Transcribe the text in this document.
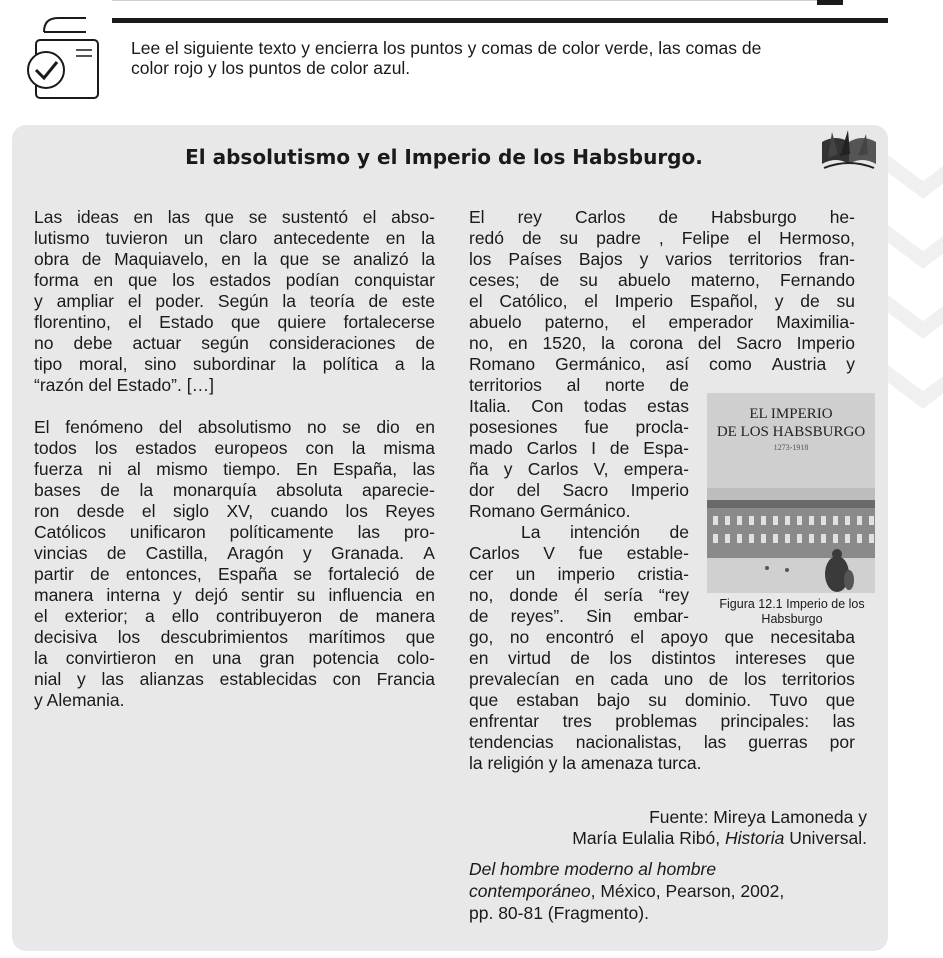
Lee el siguiente texto y encierra los puntos y comas de color verde, las comas de
color rojo y los puntos de color azul.
El absolutismo y el Imperio de los Habsburgo.
Las ideas en las que se sustentó el abso-
lutismo tuvieron un claro antecedente en la
obra de Maquiavelo, en la que se analizó la
forma en que los estados podían conquistar
y ampliar el poder. Según la teoría de este
florentino, el Estado que quiere fortalecerse
no debe actuar según consideraciones de
tipo moral, sino subordinar la política a la
“razón del Estado”. […]
El fenómeno del absolutismo no se dio en
todos los estados europeos con la misma
fuerza ni al mismo tiempo. En España, las
bases de la monarquía absoluta aparecie-
ron desde el siglo XV, cuando los Reyes
Católicos unificaron políticamente las pro-
vincias de Castilla, Aragón y Granada. A
partir de entonces, España se fortaleció de
manera interna y dejó sentir su influencia en
el exterior; a ello contribuyeron de manera
decisiva los descubrimientos marítimos que
la convirtieron en una gran potencia colo-
nial y las alianzas establecidas con Francia
y Alemania.
El rey Carlos de Habsburgo he-
redó de su padre , Felipe el Hermoso,
los Países Bajos y varios territorios fran-
ceses; de su abuelo materno, Fernando
el Católico, el Imperio Español, y de su
abuelo paterno, el emperador Maximilia-
no, en 1520, la corona del Sacro Imperio
Romano Germánico, así como Austria y
territorios al norte de
Italia. Con todas estas
posesiones fue procla-
mado Carlos I de Espa-
ña y Carlos V, empera-
dor del Sacro Imperio
Romano Germánico.
La intención de
Carlos V fue estable-
cer un imperio cristia-
no, donde él sería “rey
de reyes”. Sin embar-
go, no encontró el apoyo que necesitaba
en virtud de los distintos intereses que
prevalecían en cada uno de los territorios
que estaban bajo su dominio. Tuvo que
enfrentar tres problemas principales: las
tendencias nacionalistas, las guerras por
la religión y la amenaza turca.
EL IMPERIO
DE LOS HABSBURGO
1273-1918
Figura 12.1 Imperio de los
Habsburgo
Fuente: Mireya Lamoneda y
María Eulalia Ribó, Historia Universal.
Del hombre moderno al hombre
contemporáneo, México, Pearson, 2002,
pp. 80-81 (Fragmento).
